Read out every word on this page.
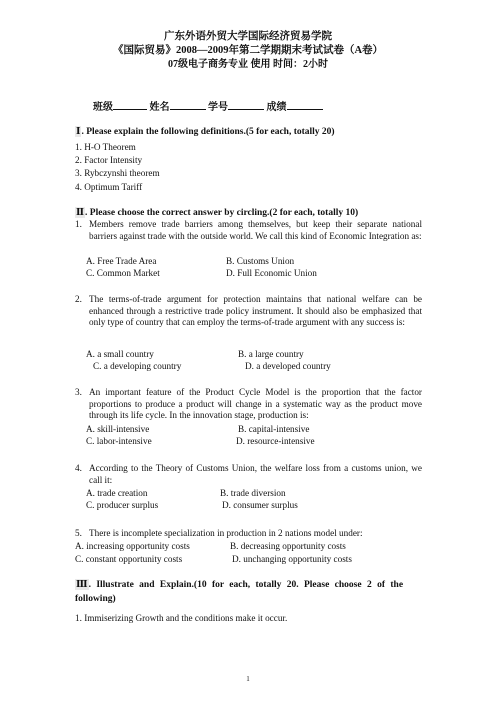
广东外语外贸大学国际经济贸易学院
《国际贸易》2008—2009年第二学期期末考试试卷（A卷）
07级电子商务专业 使用 时间：2小时
班级	姓名	学号	成绩
Ⅰ. Please explain the following definitions.(5 for each, totally 20)
1. H-O Theorem
2. Factor Intensity
3. Rybczynshi theorem
4. Optimum Tariff
Ⅱ. Please choose the correct answer by circling.(2 for each, totally 10)
1. Members remove trade barriers among themselves, but keep their separate national barriers against trade with the outside world. We call this kind of Economic Integration as:
A. Free Trade Area	B. Customs Union
C. Common Market	D. Full Economic Union
2. The terms-of-trade argument for protection maintains that national welfare can be enhanced through a restrictive trade policy instrument. It should also be emphasized that only type of country that can employ the terms-of-trade argument with any success is:
A. a small country	B. a large country
C. a developing country	D. a developed country
3. An important feature of the Product Cycle Model is the proportion that the factor proportions to produce a product will change in a systematic way as the product move through its life cycle. In the innovation stage, production is:
A. skill-intensive	B. capital-intensive
C. labor-intensive	D. resource-intensive
4. According to the Theory of Customs Union, the welfare loss from a customs union, we call it:
A. trade creation	B. trade diversion
C. producer surplus	D. consumer surplus
5. There is incomplete specialization in production in 2 nations model under:
A. increasing opportunity costs	B. decreasing opportunity costs
C. constant opportunity costs	D. unchanging opportunity costs
Ⅲ. Illustrate and Explain.(10 for each, totally 20. Please choose 2 of the
following)
1. Immiserizing Growth and the conditions make it occur.
1
